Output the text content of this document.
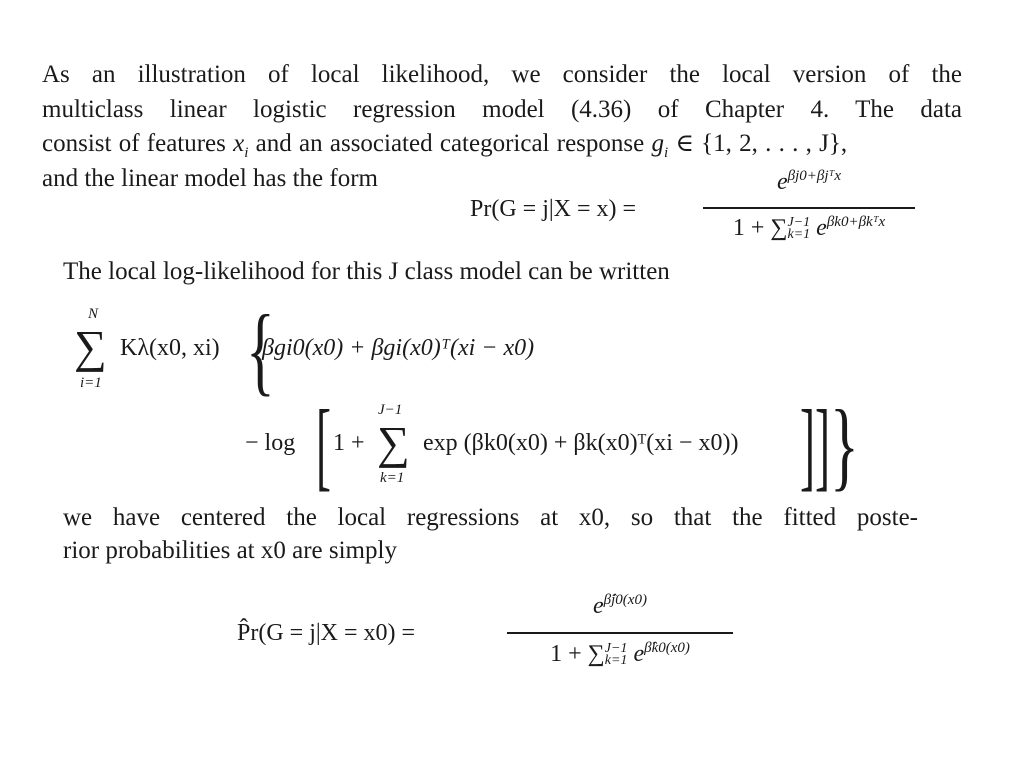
As an illustration of local likelihood, we consider the local version of the
multiclass linear logistic regression model (4.36) of Chapter 4. The data
consist of features $x_i$ and an associated categorical response $g_i$ ∈ {1, 2, . . . , J},
and the linear model has the form
Pr(G = j|X = x) =
$e^{\beta j0+\beta jᵀx}$
1 + ∑ J−1
k=1 $e^{\beta k0+\beta kᵀx}$
The local log-likelihood for this J class model can be written
N
∑
i=1
Kλ(x0, xi) {
βgi0(x0) + βgi(x0)ᵀ(xi − x0)
− log [ 1 +
J−1
∑
k=1
exp (βk0(x0) + βk(x0)ᵀ(xi − x0)) ]] }
we have centered the local regressions at x0, so that the fitted poste-
rior probabilities at x0 are simply
P̂r(G = j|X = x0) =
$e^{\betâj0(x0)}$
1 + ∑ J−1
k=1 $e^{\betâk0(x0)}$
